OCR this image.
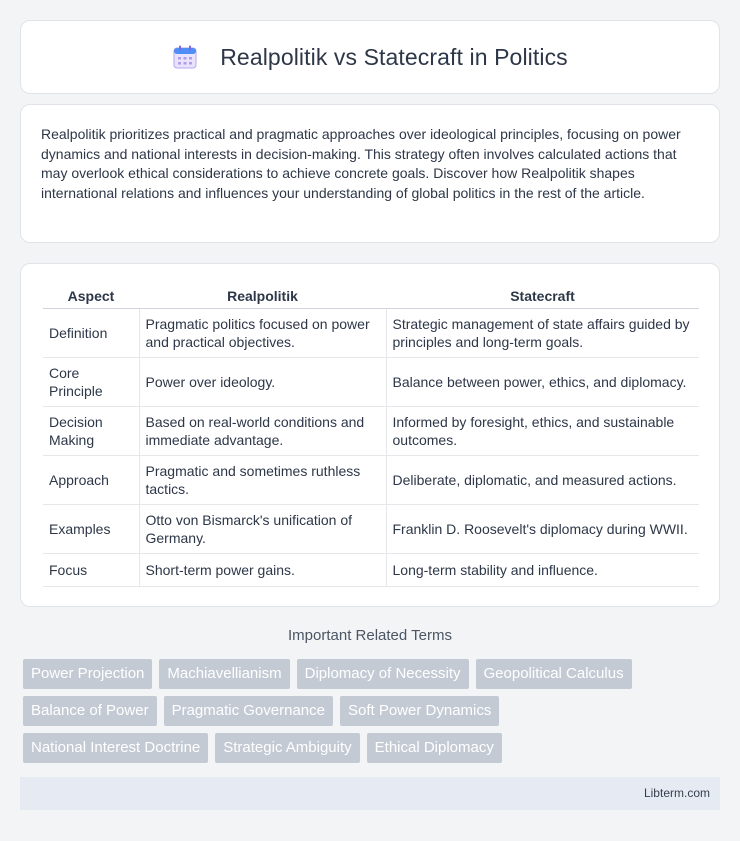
Realpolitik vs Statecraft in Politics

Realpolitik prioritizes practical and pragmatic approaches over ideological principles, focusing on power dynamics and national interests in decision-making. This strategy often involves calculated actions that may overlook ethical considerations to achieve concrete goals. Discover how Realpolitik shapes international relations and influences your understanding of global politics in the rest of the article.

Aspect	Realpolitik	Statecraft
Definition	Pragmatic politics focused on power and practical objectives.	Strategic management of state affairs guided by principles and long-term goals.
Core Principle	Power over ideology.	Balance between power, ethics, and diplomacy.
Decision Making	Based on real-world conditions and immediate advantage.	Informed by foresight, ethics, and sustainable outcomes.
Approach	Pragmatic and sometimes ruthless tactics.	Deliberate, diplomatic, and measured actions.
Examples	Otto von Bismarck's unification of Germany.	Franklin D. Roosevelt's diplomacy during WWII.
Focus	Short-term power gains.	Long-term stability and influence.
Important Related Terms
Power Projection	Machiavellianism	Diplomacy of Necessity	Geopolitical Calculus
Balance of Power	Pragmatic Governance	Soft Power Dynamics
National Interest Doctrine	Strategic Ambiguity	Ethical Diplomacy
Libterm.com
